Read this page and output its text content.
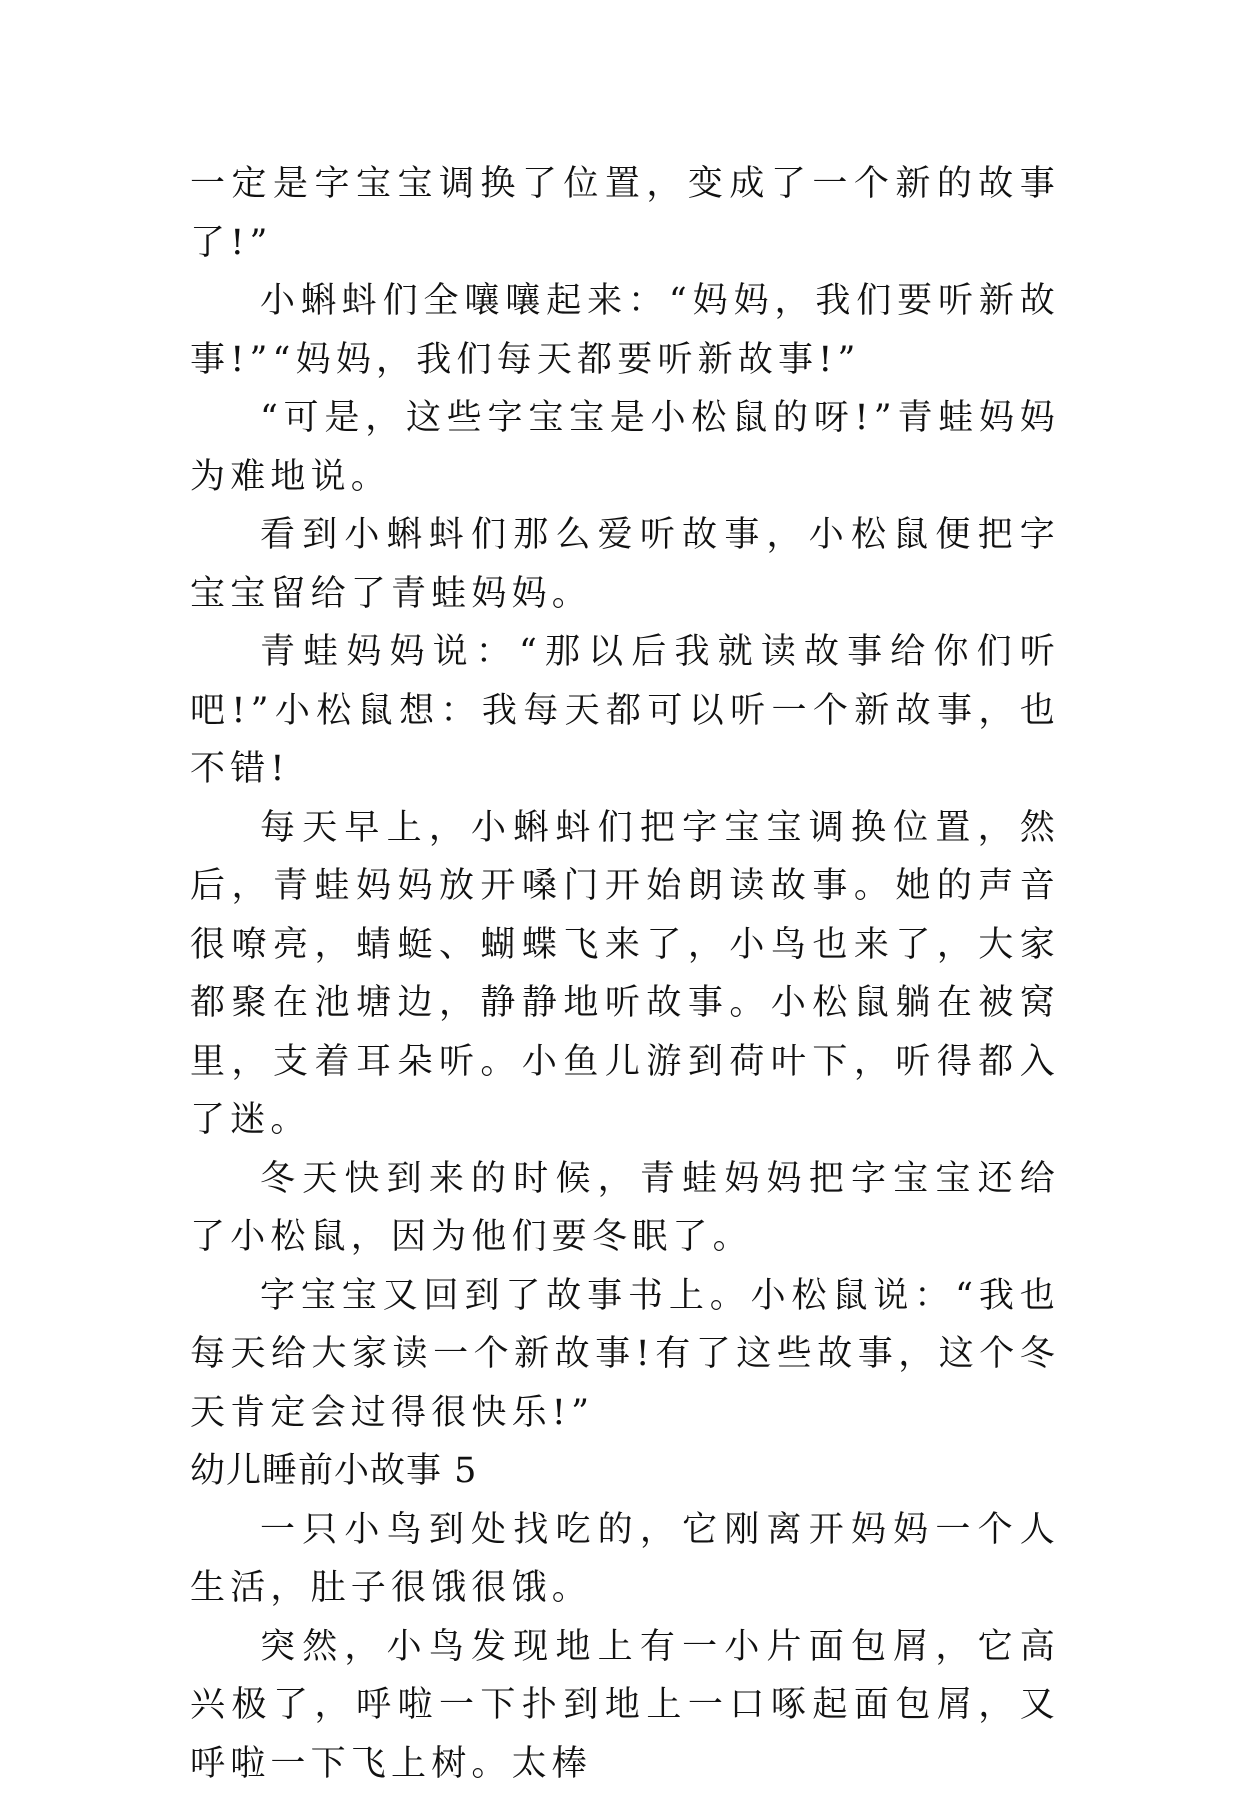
一定是字宝宝调换了位置，变成了一个新的故事了!”

小蝌蚪们全嚷嚷起来：“妈妈，我们要听新故事!”“妈妈，我们每天都要听新故事!”

“可是，这些字宝宝是小松鼠的呀!”青蛙妈妈为难地说。

看到小蝌蚪们那么爱听故事，小松鼠便把字宝宝留给了青蛙妈妈。

青蛙妈妈说：“那以后我就读故事给你们听吧!”小松鼠想：我每天都可以听一个新故事，也不错!

每天早上，小蝌蚪们把字宝宝调换位置，然后，青蛙妈妈放开嗓门开始朗读故事。她的声音很嘹亮，蜻蜓、蝴蝶飞来了，小鸟也来了，大家都聚在池塘边，静静地听故事。小松鼠躺在被窝里，支着耳朵听。小鱼儿游到荷叶下，听得都入了迷。

冬天快到来的时候，青蛙妈妈把字宝宝还给了小松鼠，因为他们要冬眠了。

字宝宝又回到了故事书上。小松鼠说：“我也每天给大家读一个新故事!有了这些故事，这个冬天肯定会过得很快乐!”

幼儿睡前小故事 5

一只小鸟到处找吃的，它刚离开妈妈一个人生活，肚子很饿很饿。

突然，小鸟发现地上有一小片面包屑，它高兴极了，呼啦一下扑到地上一口啄起面包屑，又呼啦一下飞上树。太棒
